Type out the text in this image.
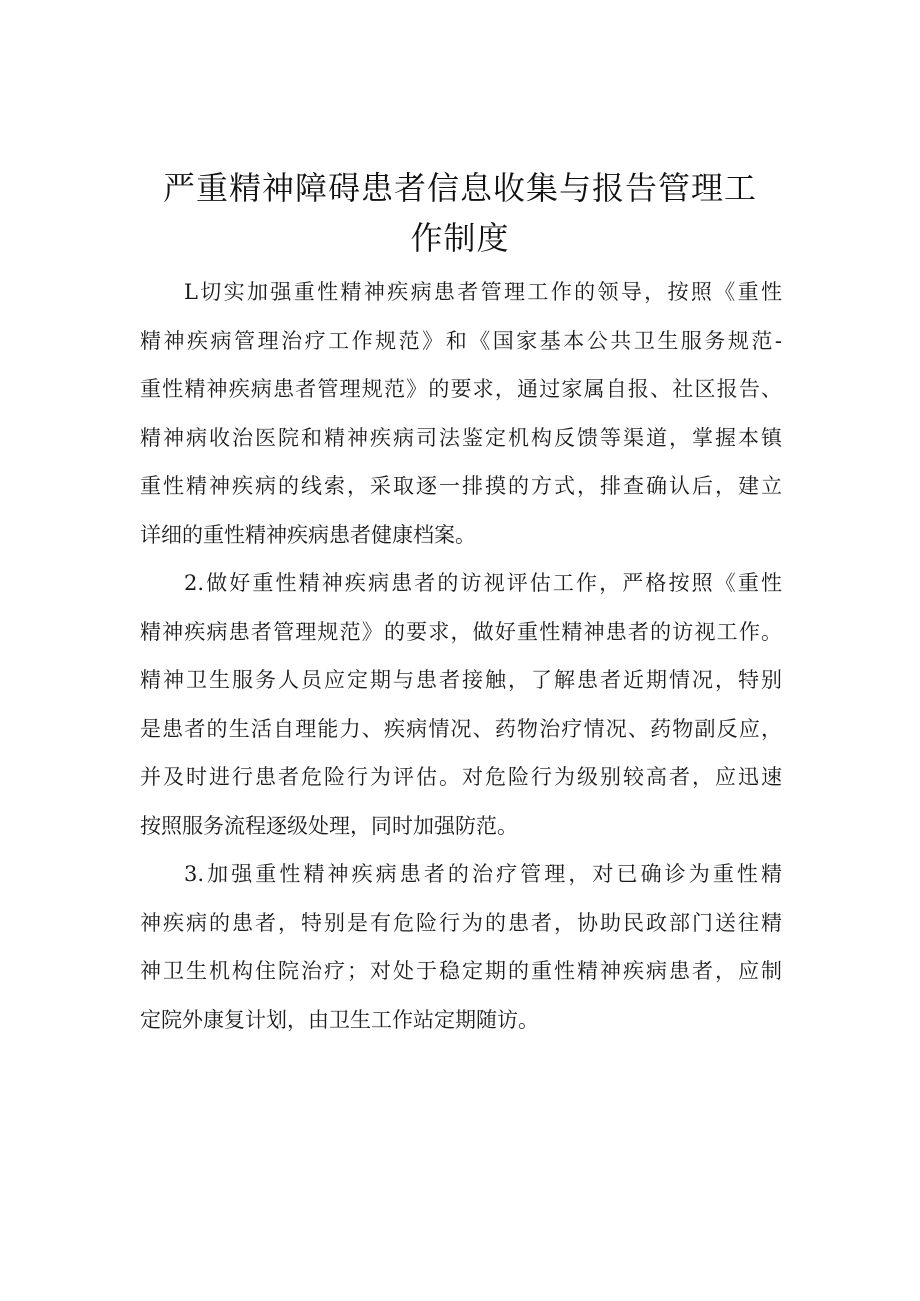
严重精神障碍患者信息收集与报告管理工
作制度

L切实加强重性精神疾病患者管理工作的领导，按照《重性
精神疾病管理治疗工作规范》和《国家基本公共卫生服务规范-
重性精神疾病患者管理规范》的要求，通过家属自报、社区报告、
精神病收治医院和精神疾病司法鉴定机构反馈等渠道，掌握本镇
重性精神疾病的线索，采取逐一排摸的方式，排查确认后，建立
详细的重性精神疾病患者健康档案。

2.做好重性精神疾病患者的访视评估工作，严格按照《重性
精神疾病患者管理规范》的要求，做好重性精神患者的访视工作。
精神卫生服务人员应定期与患者接触，了解患者近期情况，特别
是患者的生活自理能力、疾病情况、药物治疗情况、药物副反应，
并及时进行患者危险行为评估。对危险行为级别较高者，应迅速
按照服务流程逐级处理，同时加强防范。

3.加强重性精神疾病患者的治疗管理，对已确诊为重性精
神疾病的患者，特别是有危险行为的患者，协助民政部门送往精
神卫生机构住院治疗；对处于稳定期的重性精神疾病患者，应制
定院外康复计划，由卫生工作站定期随访。
